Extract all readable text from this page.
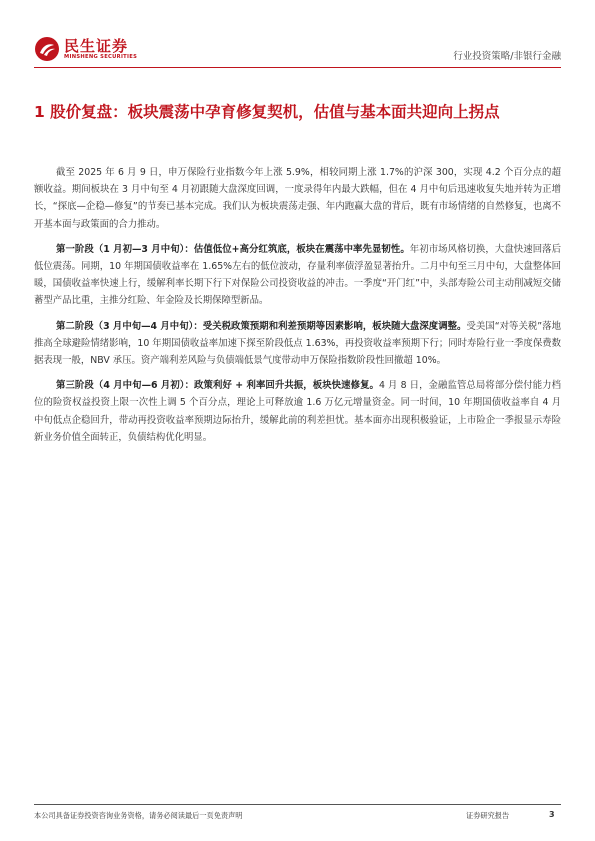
民生证券
MINSHENG SECURITIES	行业投资策略/非银行金融
1 股价复盘：板块震荡中孕育修复契机，估值与基本面共迎向上拐点

截至 2025 年 6 月 9 日，申万保险行业指数今年上涨 5.9%，相较同期上涨 1.7%的沪深 300，实现 4.2 个百分点的超额收益。期间板块在 3 月中旬至 4 月初跟随大盘深度回调，一度录得年内最大跌幅，但在 4 月中旬后迅速收复失地并转为正增长，“探底—企稳—修复”的节奏已基本完成。我们认为板块震荡走强、年内跑赢大盘的背后，既有市场情绪的自然修复，也离不开基本面与政策面的合力推动。

第一阶段（1 月初—3 月中旬）：估值低位+高分红筑底，板块在震荡中率先显韧性。年初市场风格切换，大盘快速回落后低位震荡。同期，10 年期国债收益率在 1.65%左右的低位波动，存量利率债浮盈显著抬升。二月中旬至三月中旬，大盘整体回暖，国债收益率快速上行，缓解利率长期下行下对保险公司投资收益的冲击。一季度“开门红”中，头部寿险公司主动削减短交储蓄型产品比重，主推分红险、年金险及长期保障型新品。

第二阶段（3 月中旬—4 月中旬）：受关税政策预期和利差预期等因素影响，板块随大盘深度调整。受美国“对等关税”落地推高全球避险情绪影响，10 年期国债收益率加速下探至阶段低点 1.63%，再投资收益率预期下行；同时寿险行业一季度保费数据表现一般，NBV 承压。资产端利差风险与负债端低景气度带动申万保险指数阶段性回撤超 10%。

第三阶段（4 月中旬—6 月初）：政策利好 + 利率回升共振，板块快速修复。4 月 8 日，金融监管总局将部分偿付能力档位的险资权益投资上限一次性上调 5 个百分点，理论上可释放逾 1.6 万亿元增量资金。同一时间，10 年期国债收益率自 4 月中旬低点企稳回升，带动再投资收益率预期边际抬升，缓解此前的利差担忧。基本面亦出现积极验证，上市险企一季报显示寿险新业务价值全面转正，负债结构优化明显。

本公司具备证券投资咨询业务资格，请务必阅读最后一页免责声明	证券研究报告	3
